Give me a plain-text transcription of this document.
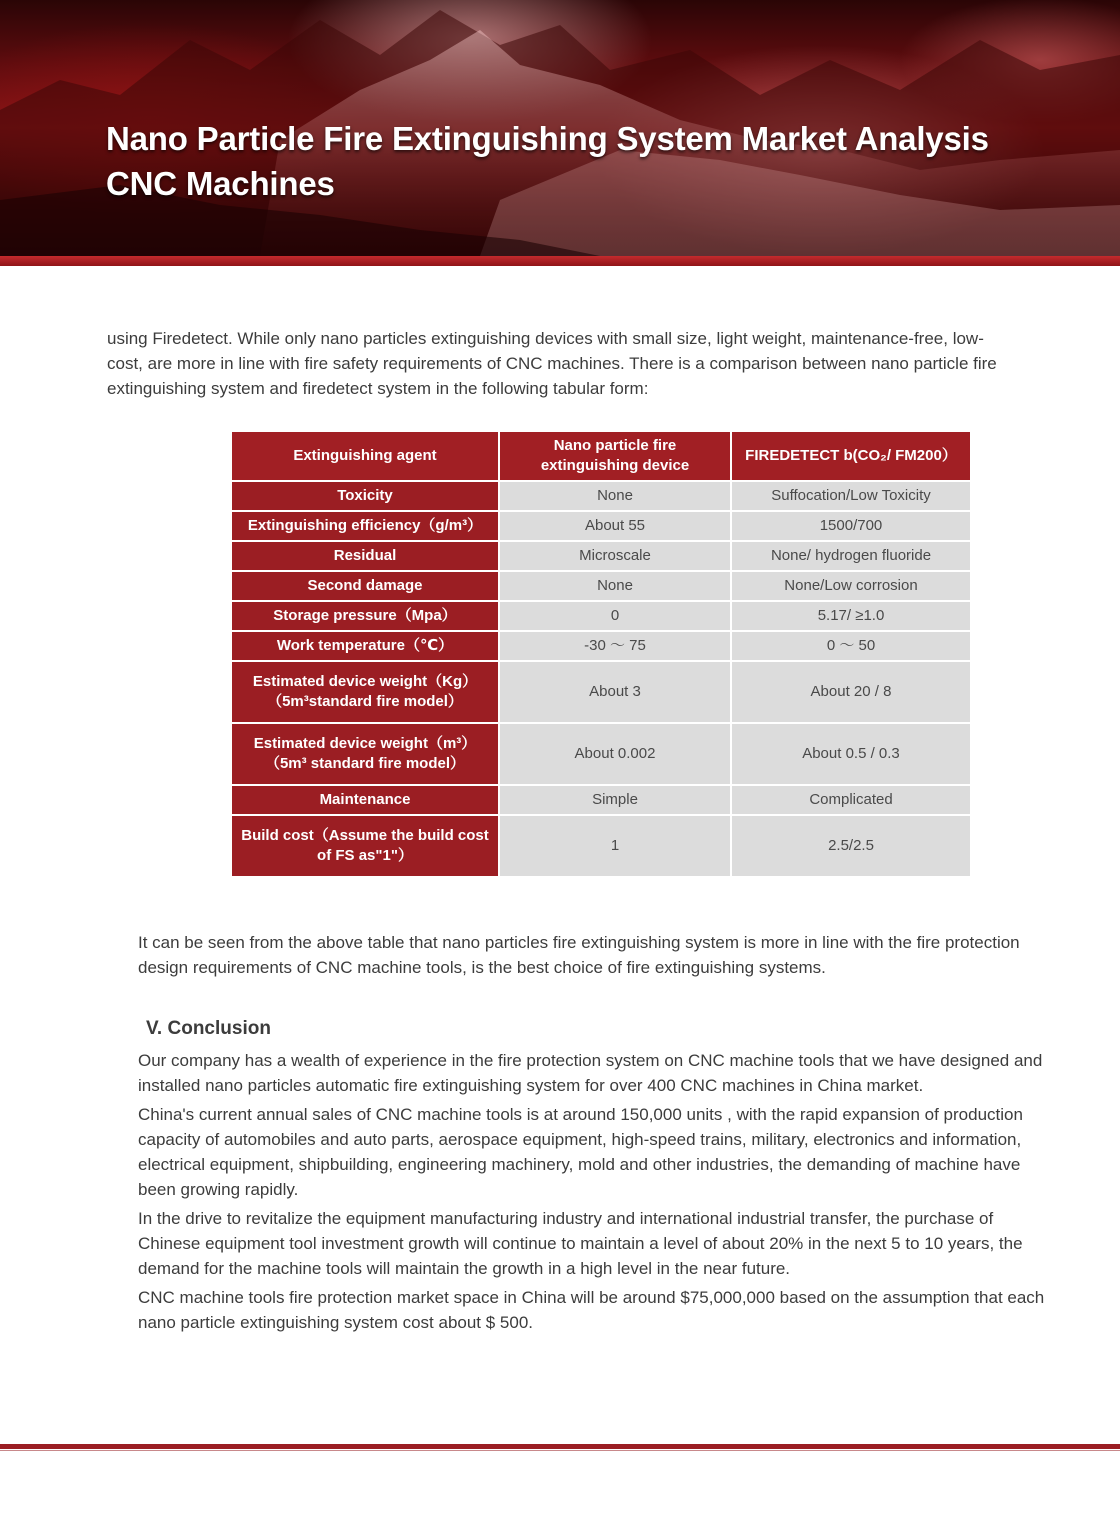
Nano Particle Fire Extinguishing System Market Analysis
CNC Machines
using Firedetect. While only nano particles extinguishing devices with small size, light weight, maintenance-free, low-cost, are more in line with fire safety requirements of CNC machines. There is a comparison between nano particle fire extinguishing system and firedetect system in the following tabular form:
Extinguishing agent	Nano particle fire extinguishing device	FIREDETECT b(CO₂/ FM200）
Toxicity	None	Suffocation/Low Toxicity
Extinguishing efficiency（g/m³）	About 55	1500/700
Residual	Microscale	None/ hydrogen fluoride
Second damage	None	None/Low corrosion
Storage pressure（Mpa）	0	5.17/ ≥1.0
Work temperature（℃）	-30 ～ 75	0 ～ 50
Estimated device weight（Kg）
（5m³standard fire model）	About 3	About 20 / 8
Estimated device weight（m³）
（5m³ standard fire model）	About 0.002	About 0.5 / 0.3
Maintenance	Simple	Complicated
Build cost（Assume the build cost of FS as"1"）	1	2.5/2.5
It can be seen from the above table that nano particles fire extinguishing system is more in line with the fire protection design requirements of CNC machine tools, is the best choice of fire extinguishing systems.
V. Conclusion

Our company has a wealth of experience in the fire protection system on CNC machine tools that we have designed and installed nano particles automatic fire extinguishing system for over 400 CNC machines in China market.

China's current annual sales of CNC machine tools is at around 150,000 units , with the rapid expansion of production capacity of automobiles and auto parts, aerospace equipment, high-speed trains, military, electronics and information, electrical equipment, shipbuilding, engineering machinery, mold and other industries, the demanding of machine have been growing rapidly.

In the drive to revitalize the equipment manufacturing industry and international industrial transfer, the purchase of Chinese equipment tool investment growth will continue to maintain a level of about 20% in the next 5 to 10 years, the demand for the machine tools will maintain the growth in a high level in the near future.

CNC machine tools fire protection market space in China will be around $75,000,000 based on the assumption that each nano particle extinguishing system cost about $ 500.
